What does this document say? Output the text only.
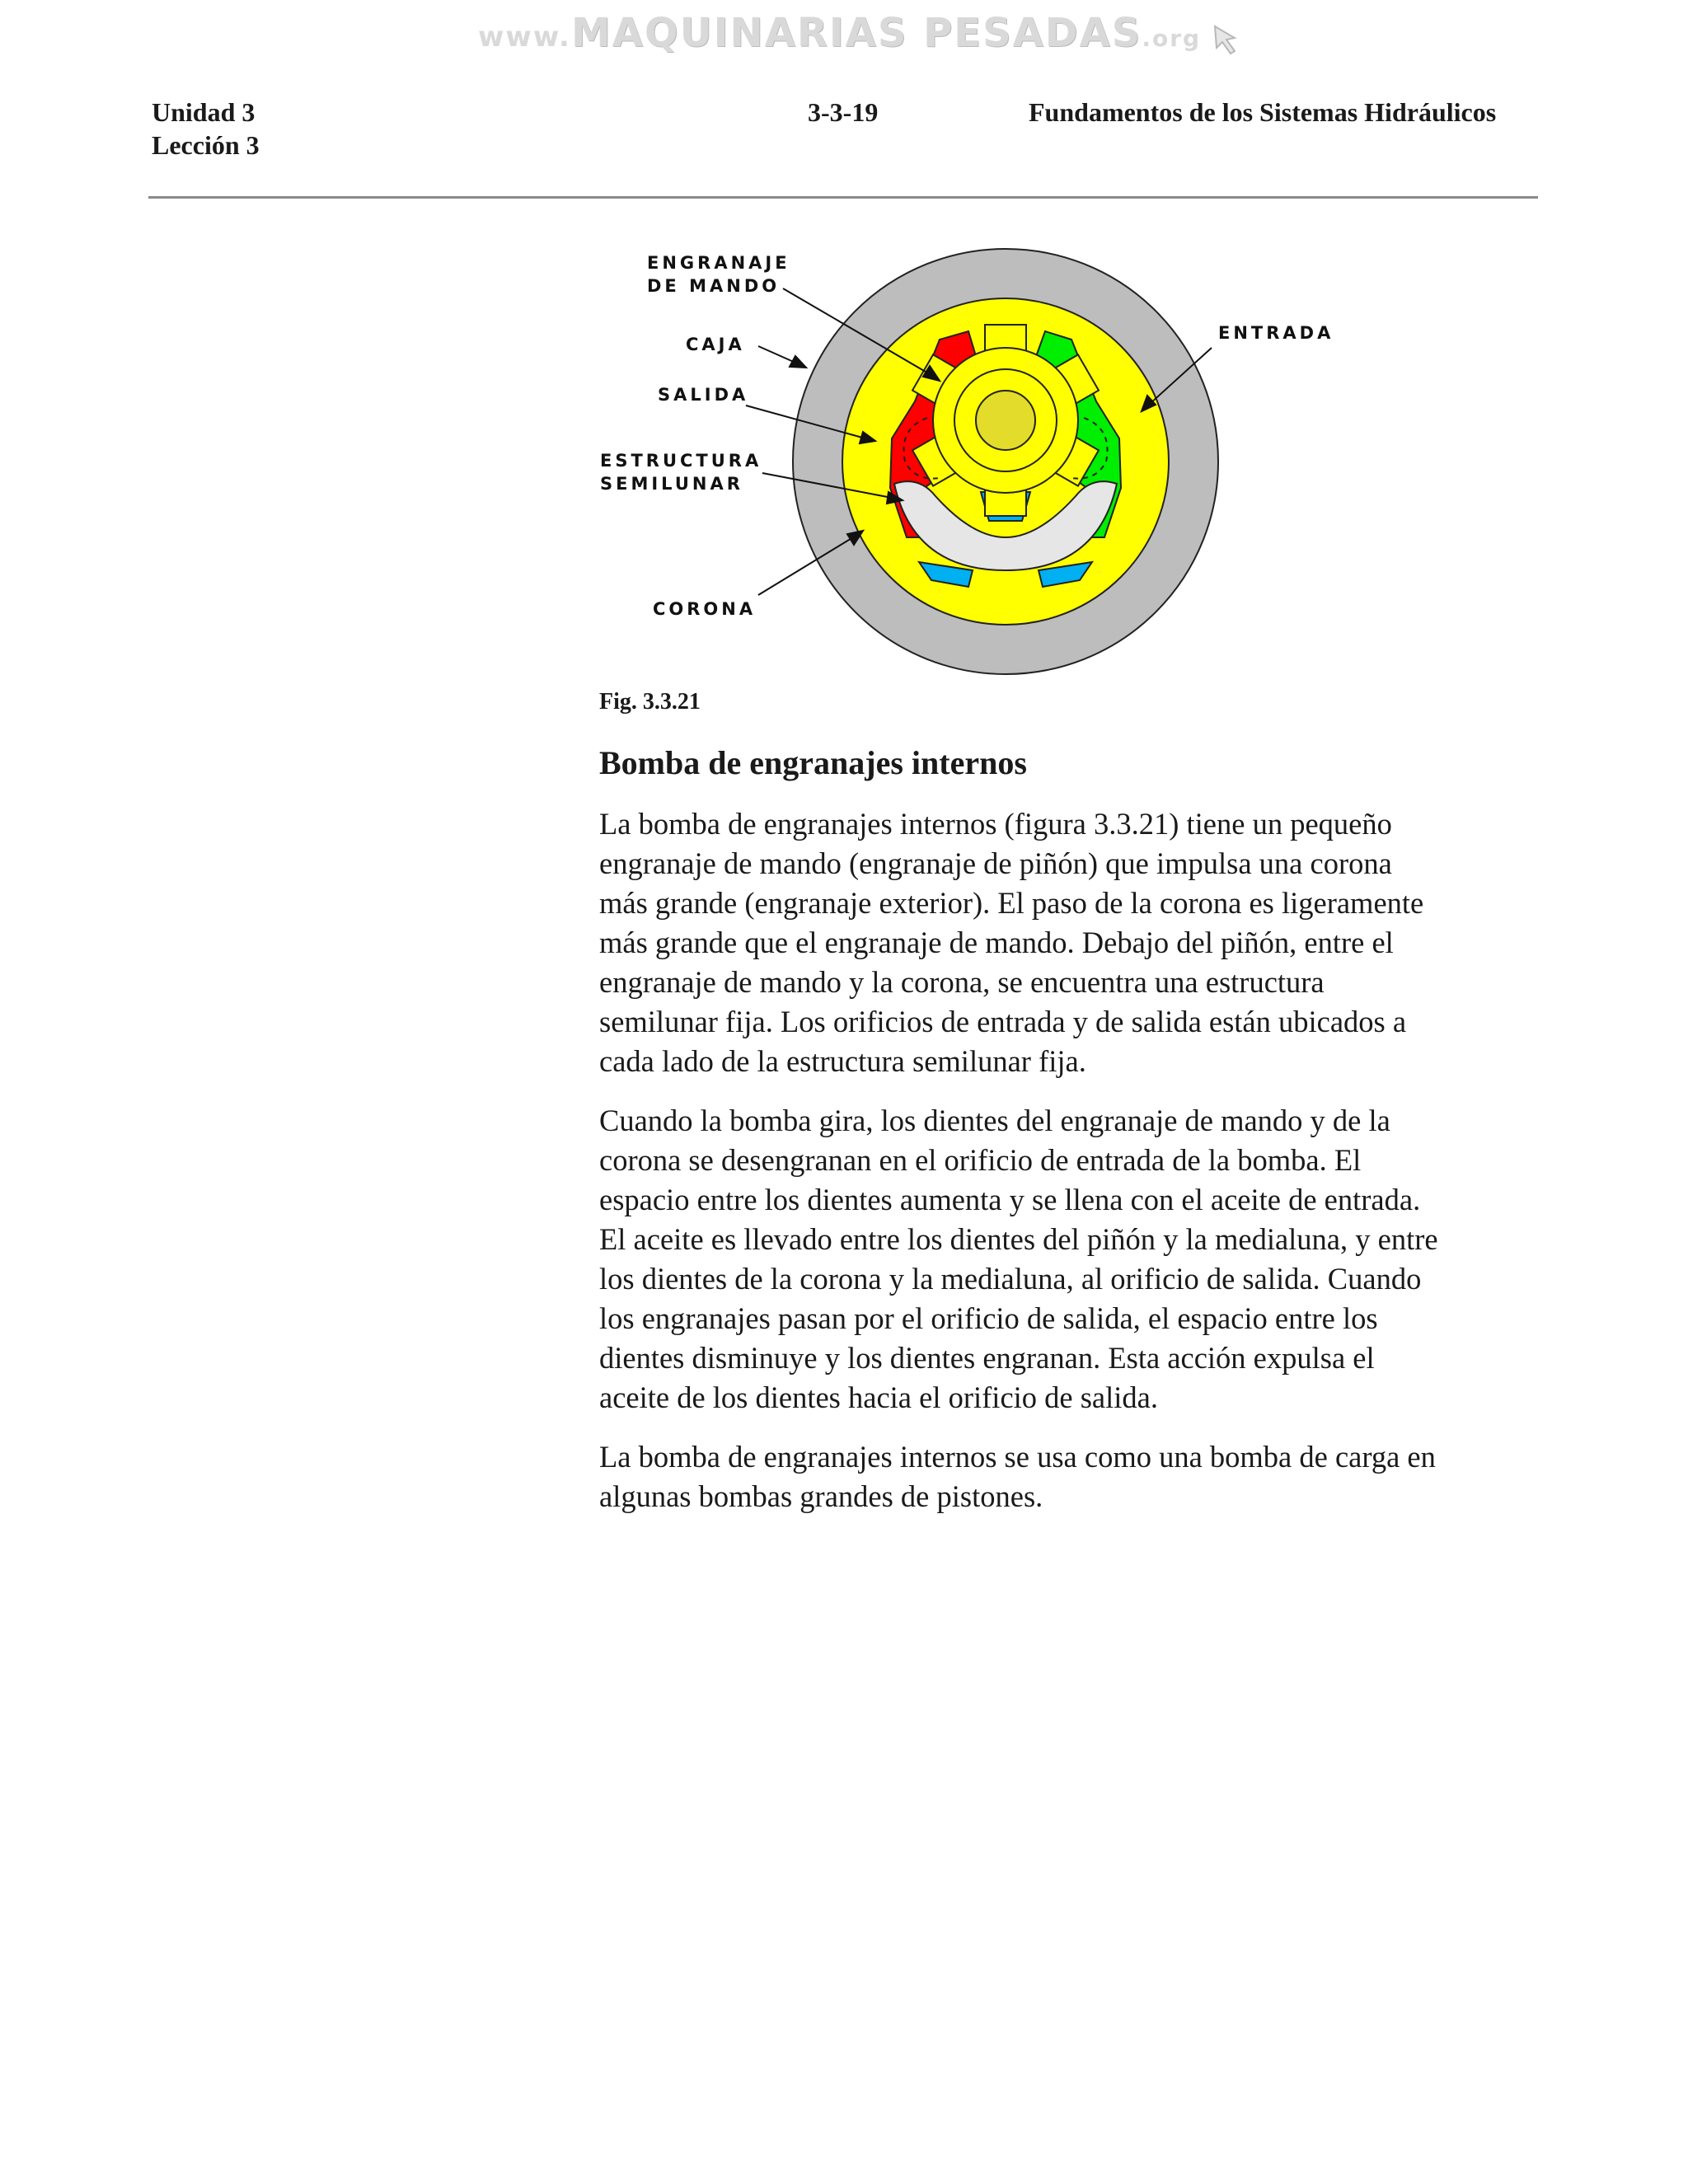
www.MAQUINARIAS PESADAS.org
Unidad 3
Lección 3
3-3-19	Fundamentos de los Sistemas Hidráulicos
ENGRANAJE
DE MANDO
CAJA
SALIDA
ESTRUCTURA
SEMILUNAR
CORONA
ENTRADA
Fig. 3.3.21
Bomba de engranajes internos

La bomba de engranajes internos (figura 3.3.21) tiene un pequeño
engranaje de mando (engranaje de piñón) que impulsa una corona
más grande (engranaje exterior). El paso de la corona es ligeramente
más grande que el engranaje de mando. Debajo del piñón, entre el
engranaje de mando y la corona, se encuentra una estructura
semilunar fija. Los orificios de entrada y de salida están ubicados a
cada lado de la estructura semilunar fija.

Cuando la bomba gira, los dientes del engranaje de mando y de la
corona se desengranan en el orificio de entrada de la bomba. El
espacio entre los dientes aumenta y se llena con el aceite de entrada.
El aceite es llevado entre los dientes del piñón y la medialuna, y entre
los dientes de la corona y la medialuna, al orificio de salida. Cuando
los engranajes pasan por el orificio de salida, el espacio entre los
dientes disminuye y los dientes engranan. Esta acción expulsa el
aceite de los dientes hacia el orificio de salida.

La bomba de engranajes internos se usa como una bomba de carga en
algunas bombas grandes de pistones.
